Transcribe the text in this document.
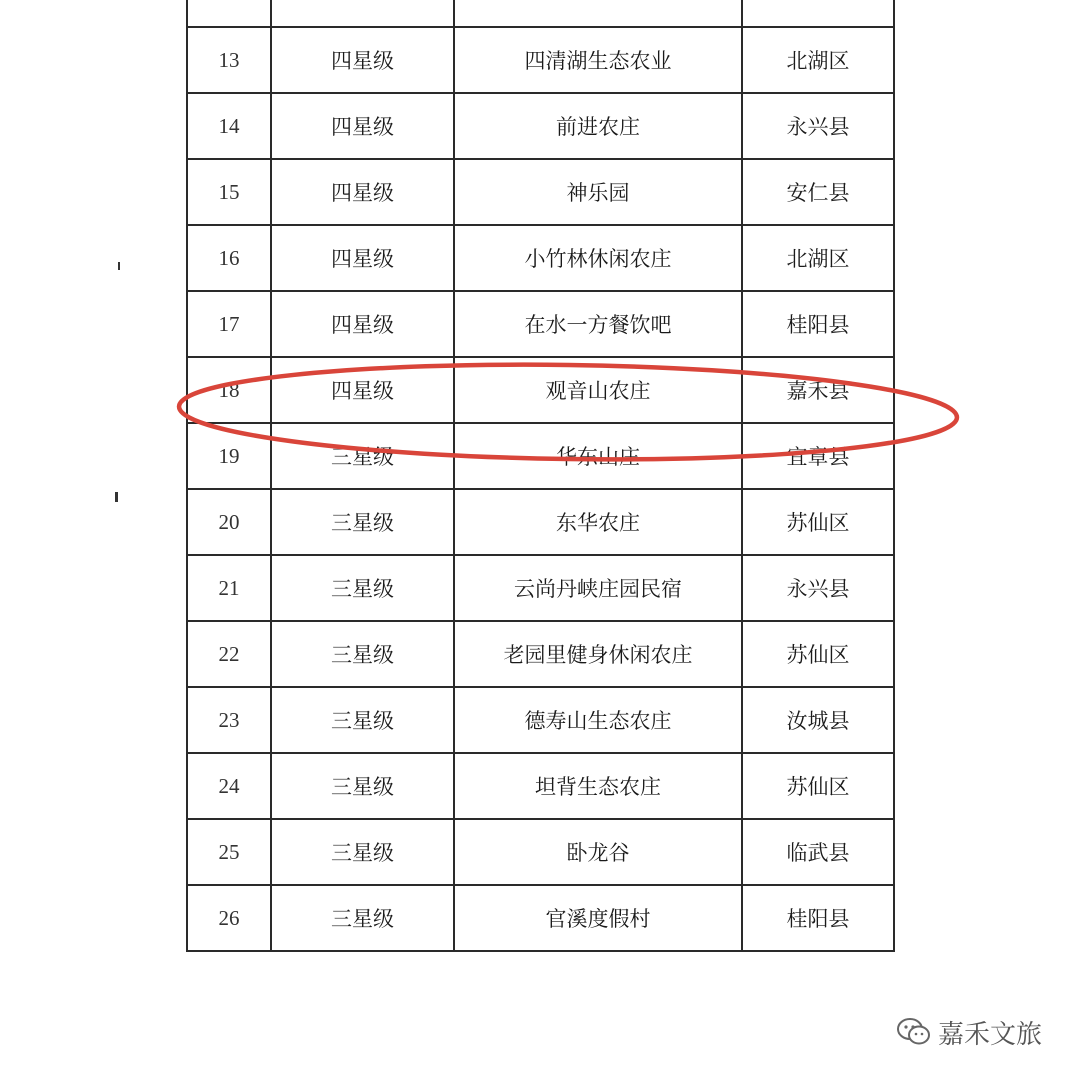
13	四星级	四清湖生态农业	北湖区
14	四星级	前进农庄	永兴县
15	四星级	神乐园	安仁县
16	四星级	小竹林休闲农庄	北湖区
17	四星级	在水一方餐饮吧	桂阳县
18	四星级	观音山农庄	嘉禾县
19	三星级	华东山庄	宜章县
20	三星级	东华农庄	苏仙区
21	三星级	云尚丹峡庄园民宿	永兴县
22	三星级	老园里健身休闲农庄	苏仙区
23	三星级	德寿山生态农庄	汝城县
24	三星级	坦背生态农庄	苏仙区
25	三星级	卧龙谷	临武县
26	三星级	官溪度假村	桂阳县
嘉禾文旅
